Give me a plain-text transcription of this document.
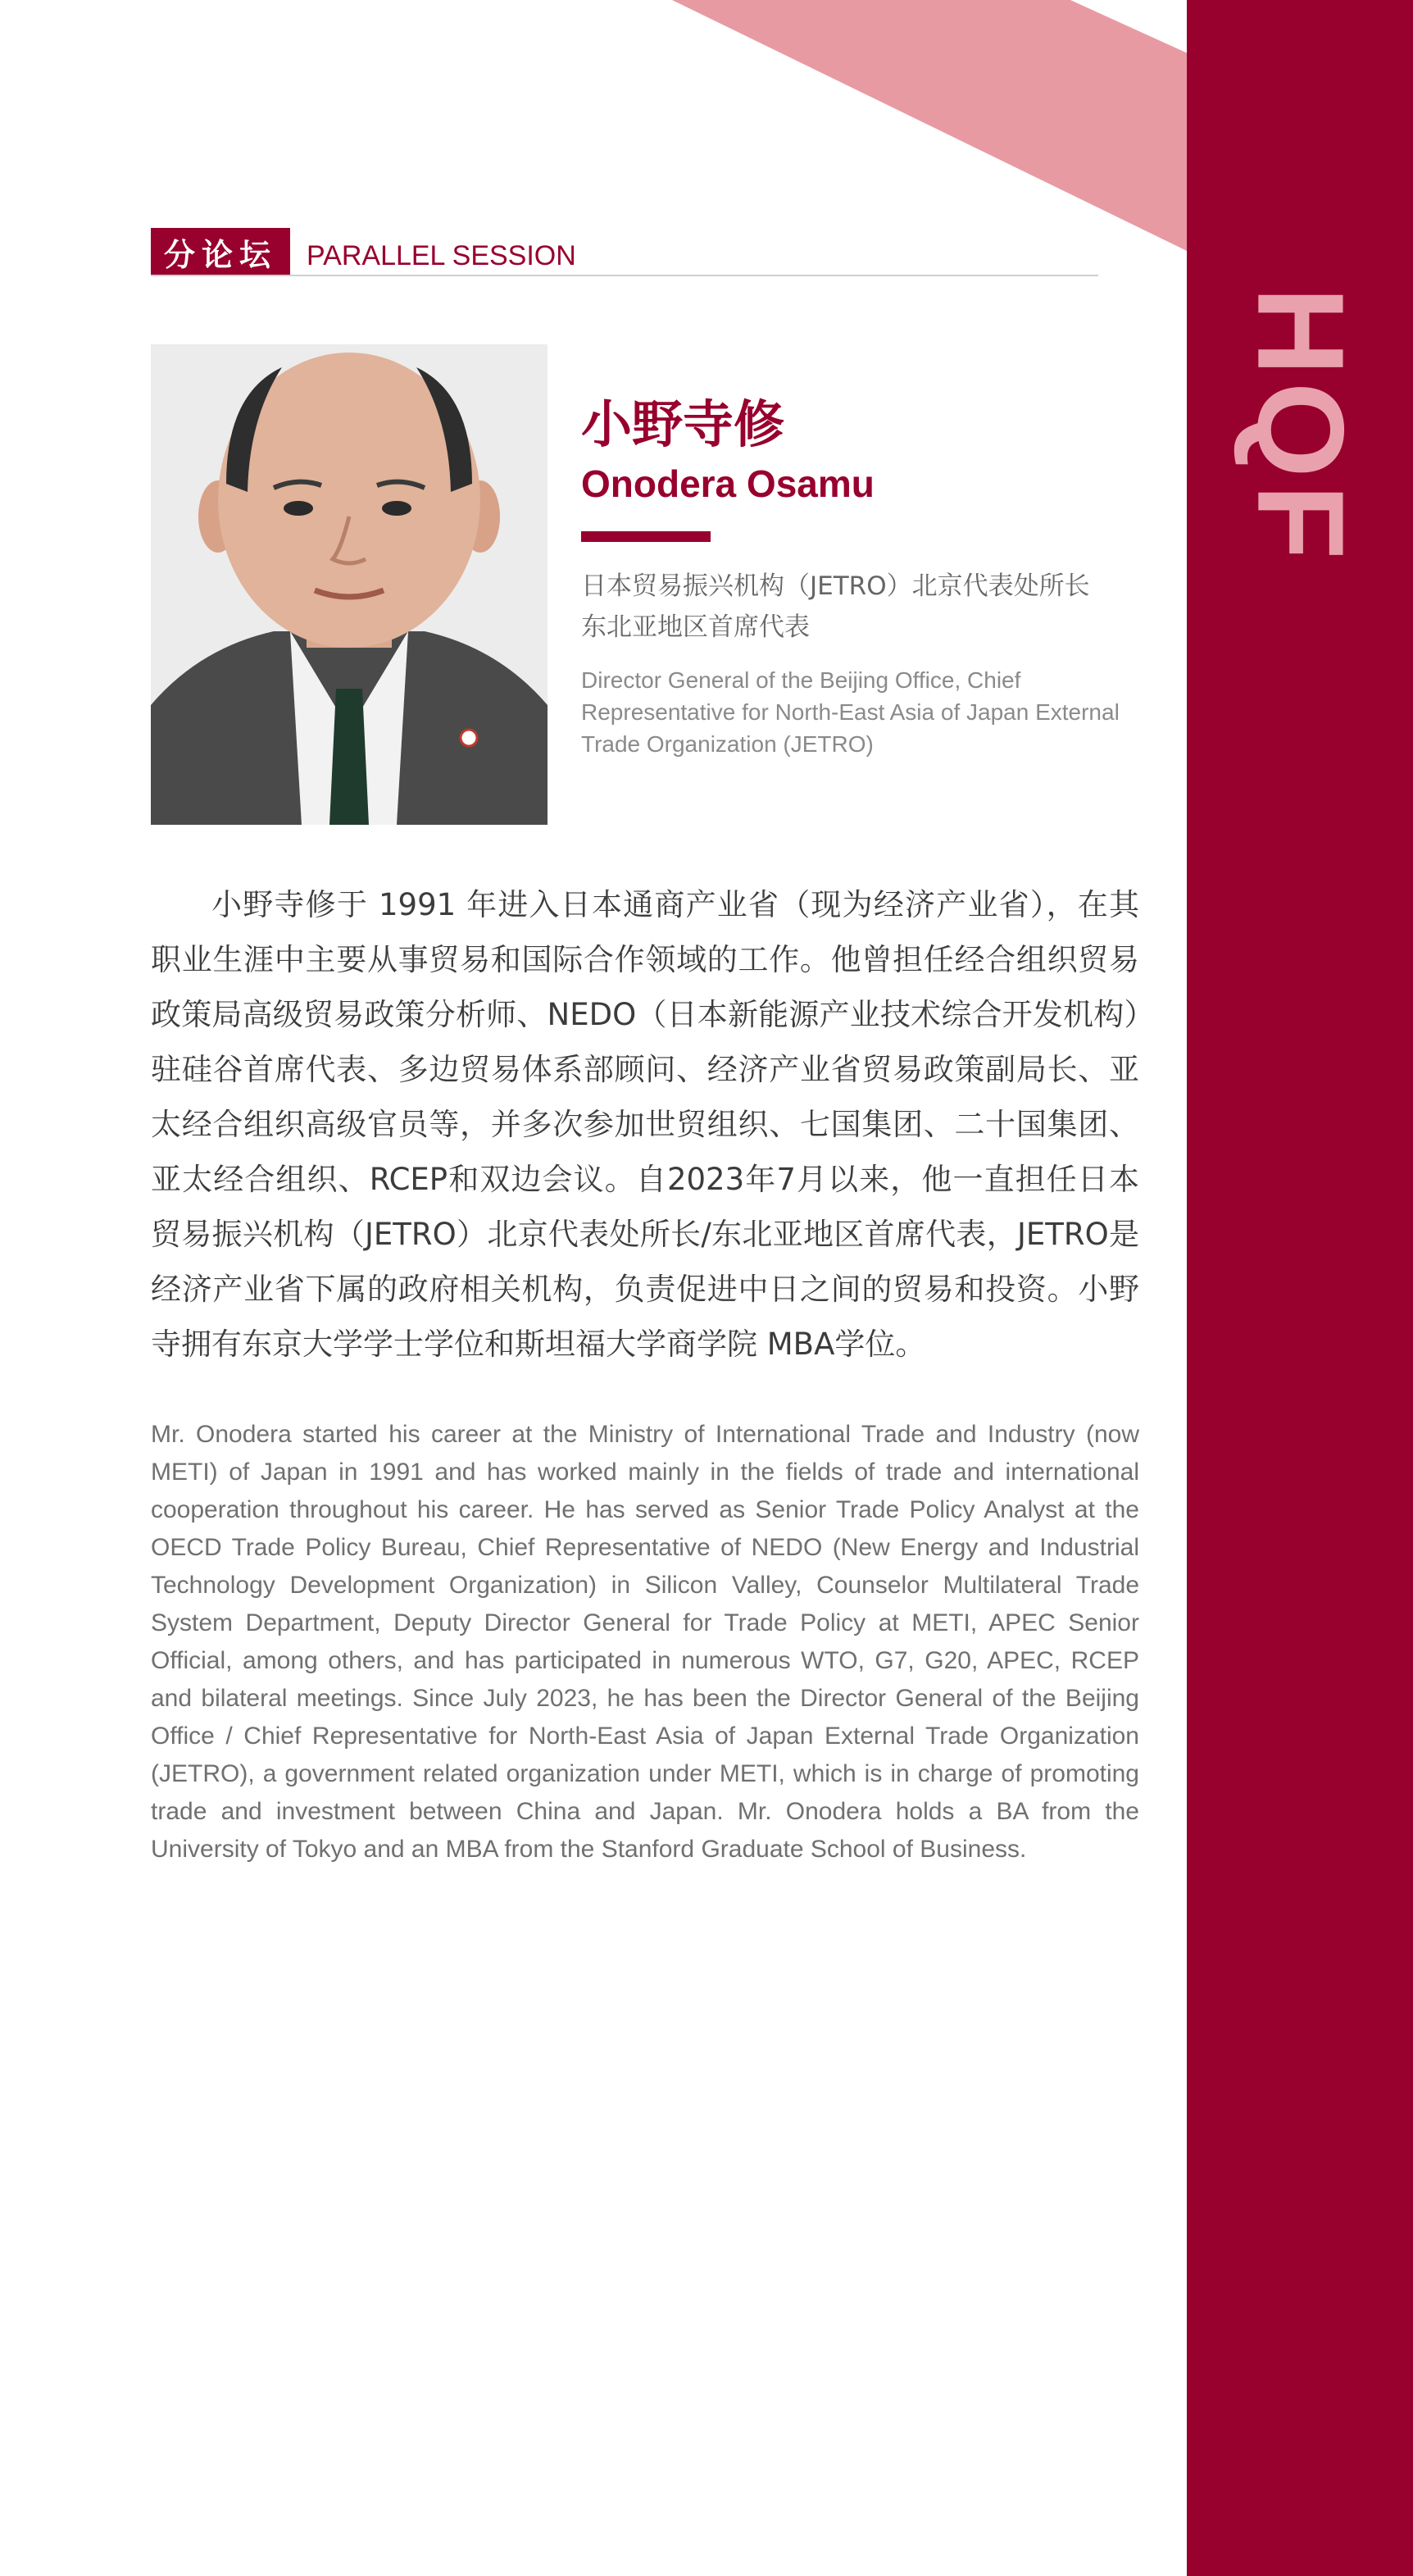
HQF
分论坛	PARALLEL SESSION
小野寺修
Onodera Osamu
日本贸易振兴机构（JETRO）北京代表处所长
东北亚地区首席代表
Director General of the Beijing Office, Chief Representative for North-East Asia of Japan External Trade Organization (JETRO)
小野寺修于 1991 年进入日本通商产业省（现为经济产业省），在其职业生涯中主要从事贸易和国际合作领域的工作。他曾担任经合组织贸易政策局高级贸易政策分析师、NEDO（日本新能源产业技术综合开发机构）驻硅谷首席代表、多边贸易体系部顾问、经济产业省贸易政策副局长、亚太经合组织高级官员等，并多次参加世贸组织、七国集团、二十国集团、亚太经合组织、RCEP和双边会议。自2023年7月以来，他一直担任日本贸易振兴机构（JETRO）北京代表处所长/东北亚地区首席代表，JETRO是经济产业省下属的政府相关机构，负责促进中日之间的贸易和投资。小野寺拥有东京大学学士学位和斯坦福大学商学院 MBA学位。
Mr. Onodera started his career at the Ministry of International Trade and Industry (now METI) of Japan in 1991 and has worked mainly in the fields of trade and international cooperation throughout his career. He has served as Senior Trade Policy Analyst at the OECD Trade Policy Bureau, Chief Representative of NEDO (New Energy and Industrial Technology Development Organization) in Silicon Valley, Counselor Multilateral Trade System Department, Deputy Director General for Trade Policy at METI, APEC Senior Official, among others, and has participated in numerous WTO, G7, G20, APEC, RCEP and bilateral meetings. Since July 2023, he has been the Director General of the Beijing Office / Chief Representative for North-East Asia of Japan External Trade Organization (JETRO), a government related organization under METI, which is in charge of promoting trade and investment between China and Japan. Mr. Onodera holds a BA from the University of Tokyo and an MBA from the Stanford Graduate School of Business.
